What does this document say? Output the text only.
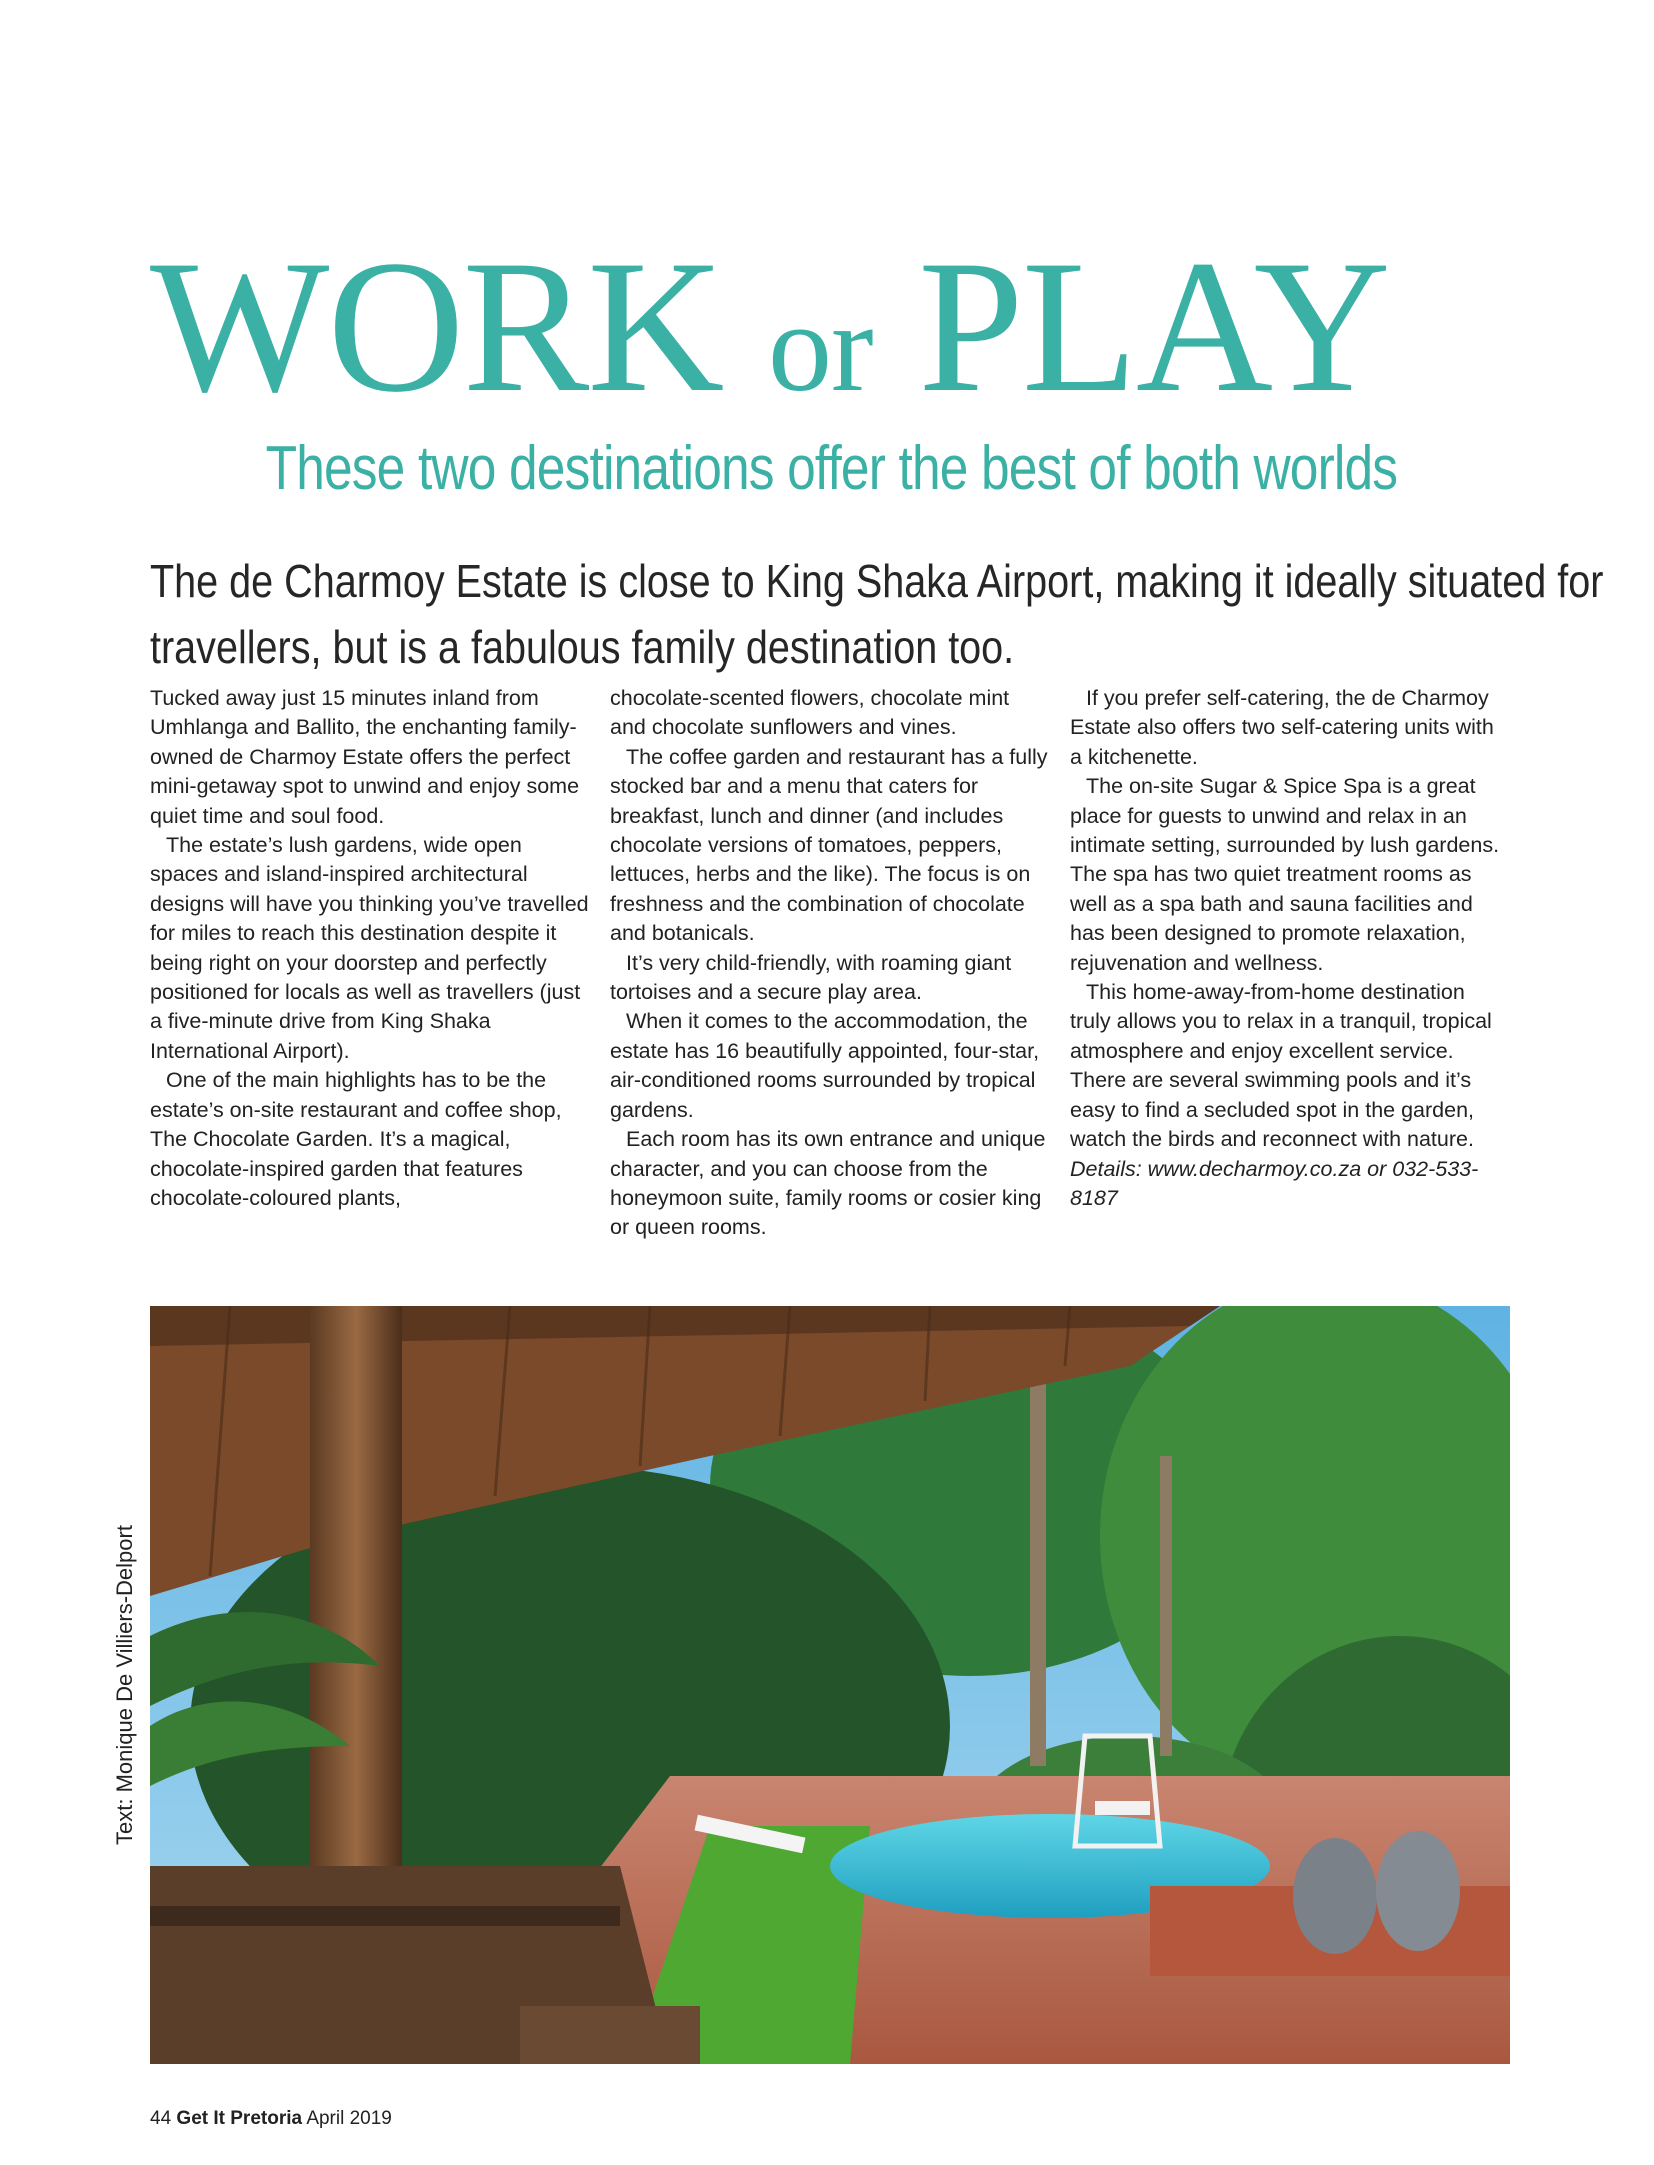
WORK or PLAY
These two destinations offer the best of both worlds
The de Charmoy Estate is close to King Shaka Airport, making it ideally situated for
travellers, but is a fabulous family destination too.

Tucked away just 15 minutes inland from Umhlanga and Ballito, the enchanting family-owned de Charmoy Estate offers the perfect mini-getaway spot to unwind and enjoy some quiet time and soul food.

The estate’s lush gardens, wide open spaces and island-inspired architectural designs will have you thinking you’ve travelled for miles to reach this destination despite it being right on your doorstep and perfectly positioned for locals as well as travellers (just a five-minute drive from King Shaka International Airport).

One of the main highlights has to be the estate’s on-site restaurant and coffee shop, The Chocolate Garden. It’s a magical, chocolate-inspired garden that features chocolate-coloured plants,

chocolate-scented flowers, chocolate mint and chocolate sunflowers and vines.

The coffee garden and restaurant has a fully stocked bar and a menu that caters for breakfast, lunch and dinner (and includes chocolate versions of tomatoes, peppers, lettuces, herbs and the like). The focus is on freshness and the combination of chocolate and botanicals.

It’s very child-friendly, with roaming giant tortoises and a secure play area.

When it comes to the accommodation, the estate has 16 beautifully appointed, four-star, air-conditioned rooms surrounded by tropical gardens.

Each room has its own entrance and unique character, and you can choose from the honeymoon suite, family rooms or cosier king or queen rooms.

If you prefer self-catering, the de Charmoy Estate also offers two self-catering units with a kitchenette.

The on-site Sugar & Spice Spa is a great place for guests to unwind and relax in an intimate setting, surrounded by lush gardens. The spa has two quiet treatment rooms as well as a spa bath and sauna facilities and has been designed to promote relaxation, rejuvenation and wellness.

This home-away-from-home destination truly allows you to relax in a tranquil, tropical atmosphere and enjoy excellent service. There are several swimming pools and it’s easy to find a secluded spot in the garden, watch the birds and reconnect with nature.

Details: www.decharmoy.co.za or 032-533-8187

Text: Monique De Villiers-Delport
44 Get It Pretoria April 2019
